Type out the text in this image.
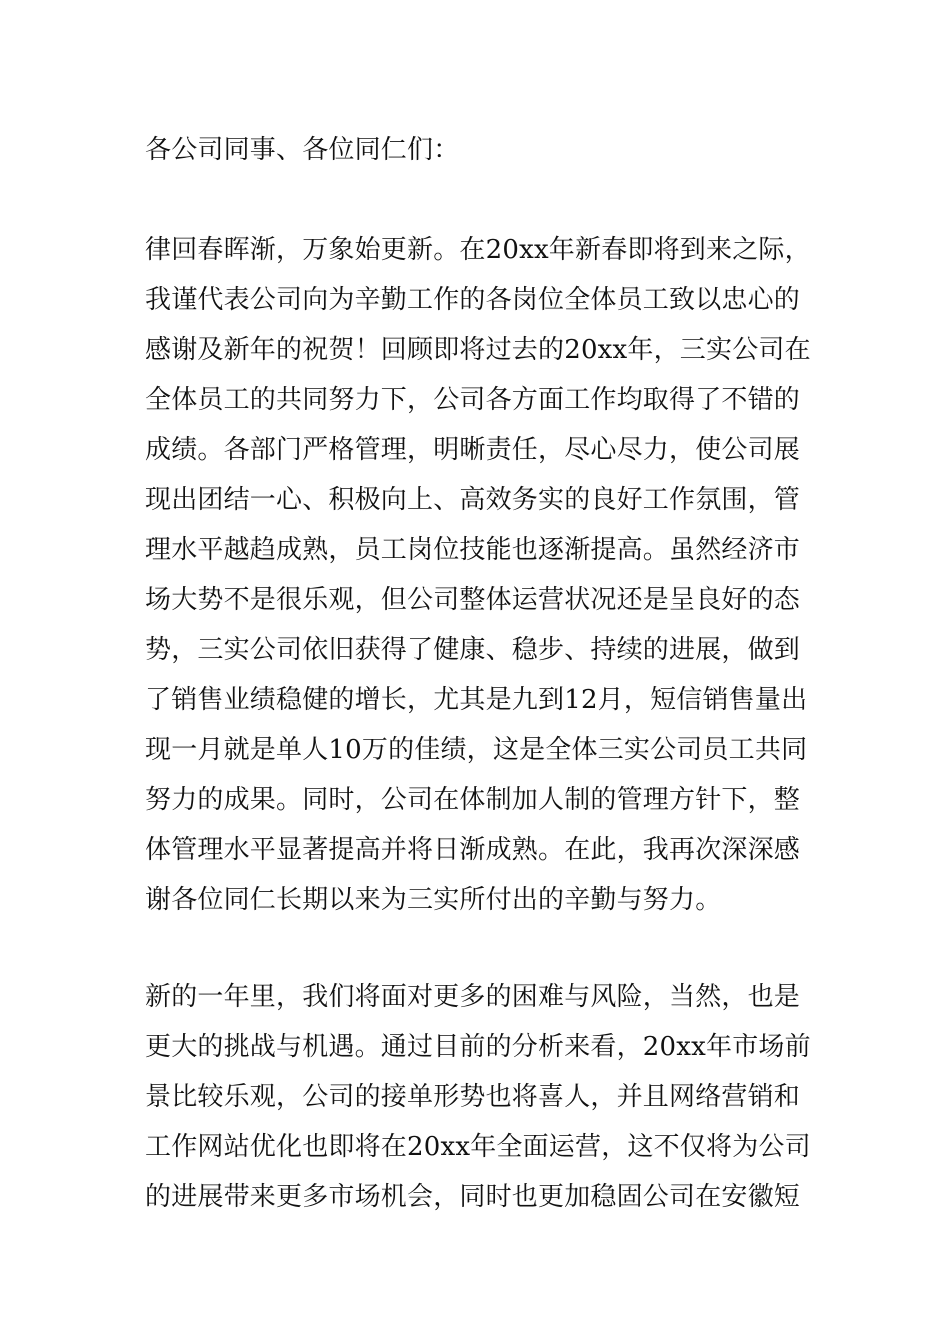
各公司同事、各位同仁们：
律回春晖渐，万象始更新。在20xx年新春即将到来之际，
我谨代表公司向为辛勤工作的各岗位全体员工致以忠心的
感谢及新年的祝贺！回顾即将过去的20xx年，三实公司在
全体员工的共同努力下，公司各方面工作均取得了不错的
成绩。各部门严格管理，明晰责任，尽心尽力，使公司展
现出团结一心、积极向上、高效务实的良好工作氛围，管
理水平越趋成熟，员工岗位技能也逐渐提高。虽然经济市
场大势不是很乐观，但公司整体运营状况还是呈良好的态
势，三实公司依旧获得了健康、稳步、持续的进展，做到
了销售业绩稳健的增长，尤其是九到12月，短信销售量出
现一月就是单人10万的佳绩，这是全体三实公司员工共同
努力的成果。同时，公司在体制加人制的管理方针下，整
体管理水平显著提高并将日渐成熟。在此，我再次深深感
谢各位同仁长期以来为三实所付出的辛勤与努力。
新的一年里，我们将面对更多的困难与风险，当然，也是
更大的挑战与机遇。通过目前的分析来看，20xx年市场前
景比较乐观，公司的接单形势也将喜人，并且网络营销和
工作网站优化也即将在20xx年全面运营，这不仅将为公司
的进展带来更多市场机会，同时也更加稳固公司在安徽短
